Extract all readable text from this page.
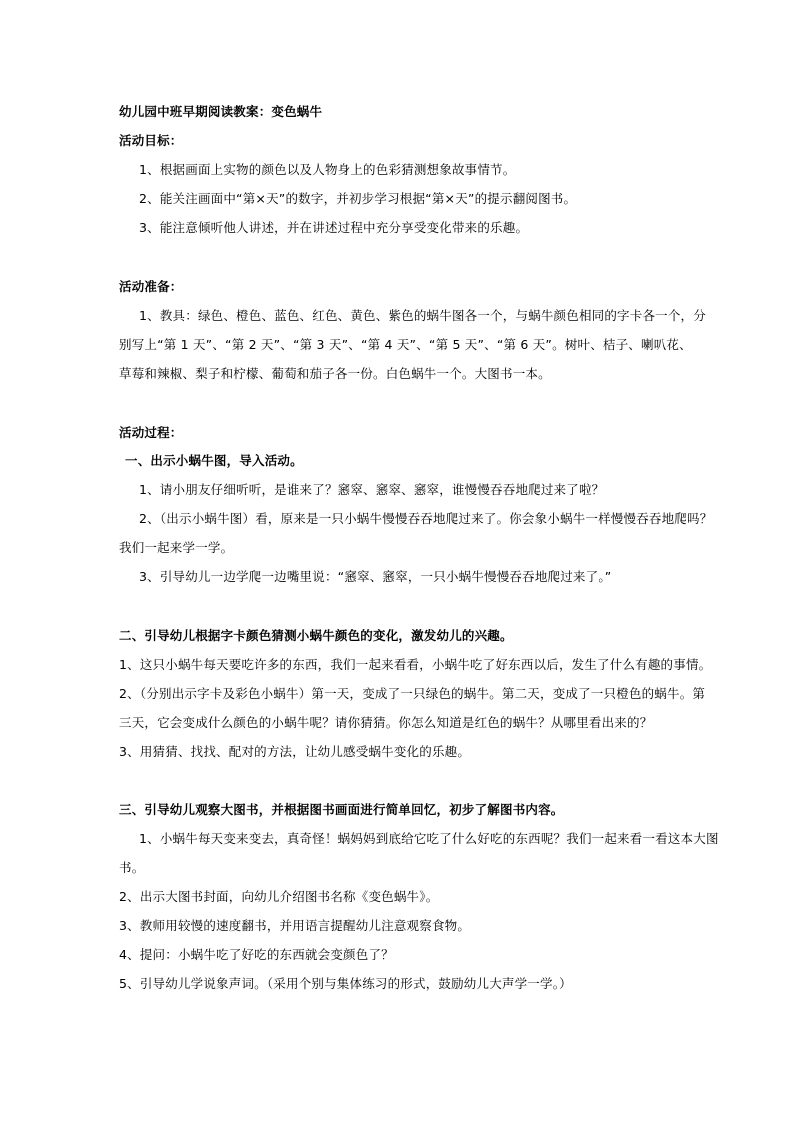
幼儿园中班早期阅读教案：变色蜗牛
活动目标：
1、根据画面上实物的颜色以及人物身上的色彩猜测想象故事情节。
2、能关注画面中“第×天”的数字，并初步学习根据“第×天”的提示翻阅图书。
3、能注意倾听他人讲述，并在讲述过程中充分享受变化带来的乐趣。
活动准备：
1、教具：绿色、橙色、蓝色、红色、黄色、紫色的蜗牛图各一个，与蜗牛颜色相同的字卡各一个，分
别写上“第 1 天”、“第 2 天”、“第 3 天”、“第 4 天”、“第 5 天”、“第 6 天”。树叶、桔子、喇叭花、
草莓和辣椒、梨子和柠檬、葡萄和茄子各一份。白色蜗牛一个。大图书一本。
活动过程：
一、出示小蜗牛图，导入活动。
1、请小朋友仔细听听，是谁来了？窸窣、窸窣、窸窣，谁慢慢吞吞地爬过来了啦？
2、（出示小蜗牛图）看，原来是一只小蜗牛慢慢吞吞地爬过来了。你会象小蜗牛一样慢慢吞吞地爬吗？
我们一起来学一学。
3、引导幼儿一边学爬一边嘴里说：“窸窣、窸窣，一只小蜗牛慢慢吞吞地爬过来了。”
二、引导幼儿根据字卡颜色猜测小蜗牛颜色的变化，激发幼儿的兴趣。
1、这只小蜗牛每天要吃许多的东西，我们一起来看看，小蜗牛吃了好东西以后，发生了什么有趣的事情。
2、（分别出示字卡及彩色小蜗牛）第一天，变成了一只绿色的蜗牛。第二天，变成了一只橙色的蜗牛。第
三天，它会变成什么颜色的小蜗牛呢？请你猜猜。你怎么知道是红色的蜗牛？从哪里看出来的？
3、用猜猜、找找、配对的方法，让幼儿感受蜗牛变化的乐趣。
三、引导幼儿观察大图书，并根据图书画面进行简单回忆，初步了解图书内容。
1、小蜗牛每天变来变去，真奇怪！蜗妈妈到底给它吃了什么好吃的东西呢？我们一起来看一看这本大图
书。
2、出示大图书封面，向幼儿介绍图书名称《变色蜗牛》。
3、教师用较慢的速度翻书，并用语言提醒幼儿注意观察食物。
4、提问：小蜗牛吃了好吃的东西就会变颜色了？
5、引导幼儿学说象声词。（采用个别与集体练习的形式，鼓励幼儿大声学一学。）
